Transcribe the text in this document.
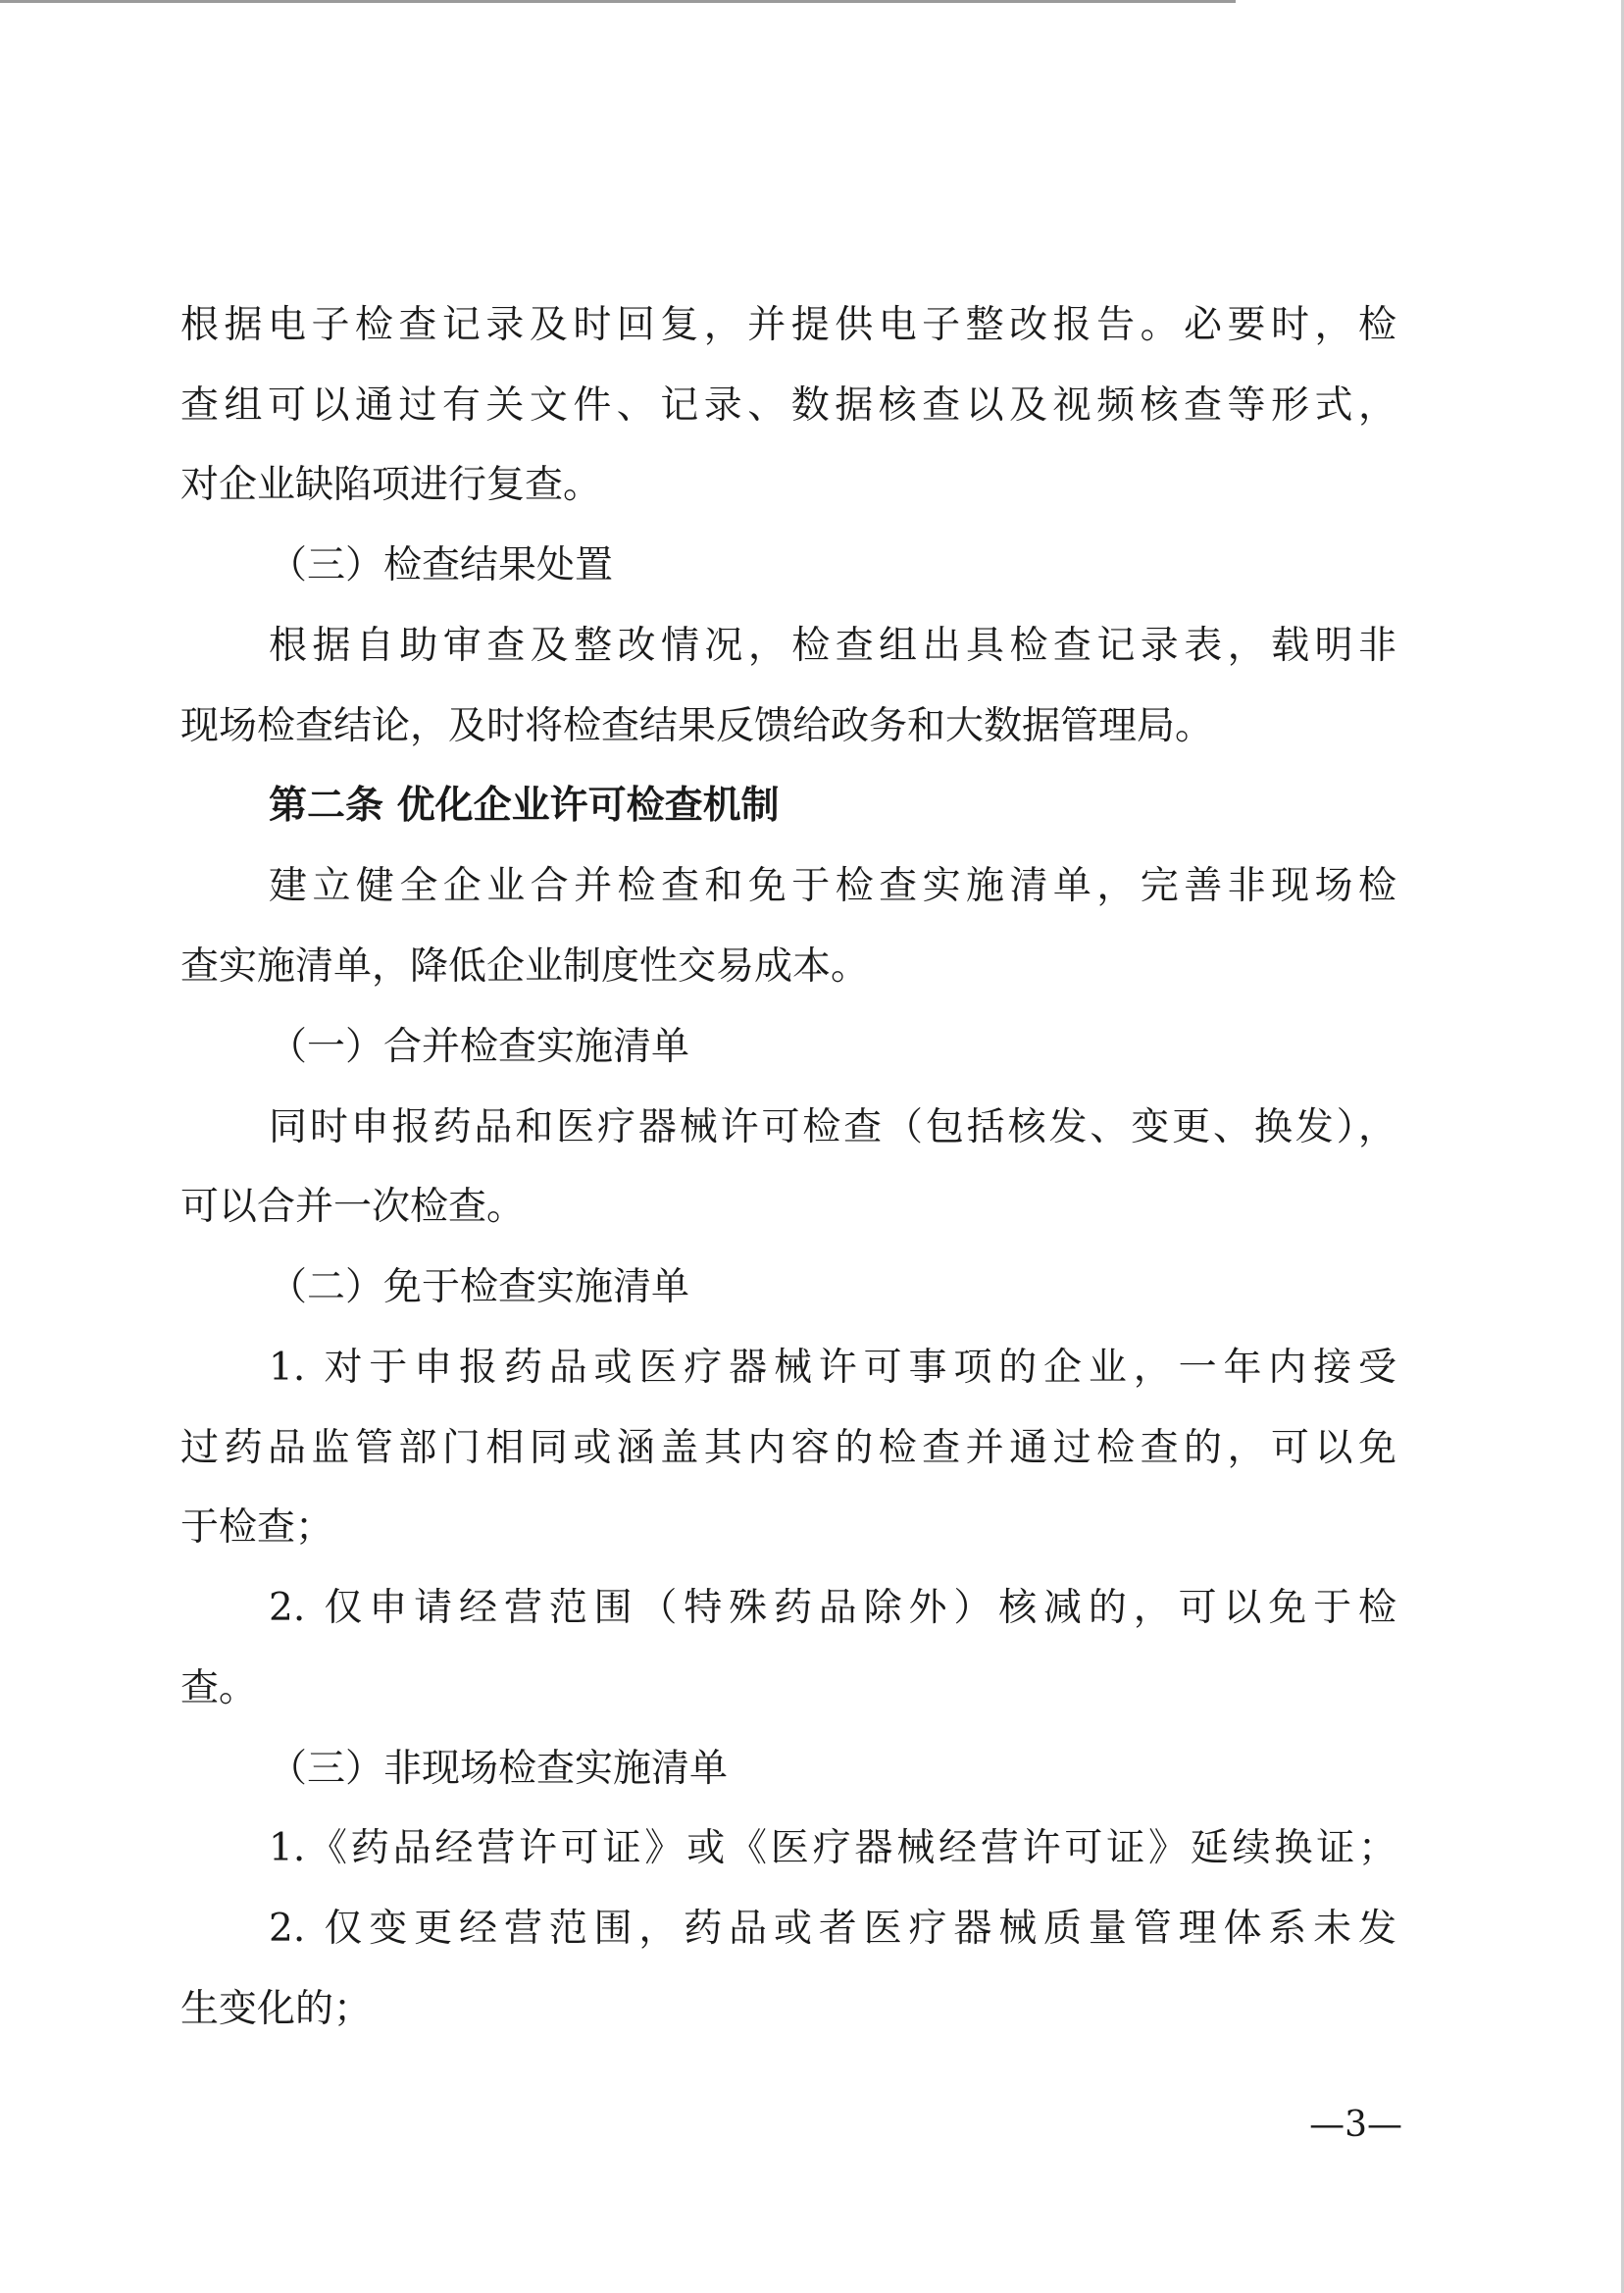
根据电子检查记录及时回复，并提供电子整改报告。必要时，检
查组可以通过有关文件、记录、数据核查以及视频核查等形式，
对企业缺陷项进行复查。
（三）检查结果处置
根据自助审查及整改情况，检查组出具检查记录表，载明非
现场检查结论，及时将检查结果反馈给政务和大数据管理局。
第二条 优化企业许可检查机制
建立健全企业合并检查和免于检查实施清单，完善非现场检
查实施清单，降低企业制度性交易成本。
（一）合并检查实施清单
同时申报药品和医疗器械许可检查（包括核发、变更、换发），
可以合并一次检查。
（二）免于检查实施清单
1. 对于申报药品或医疗器械许可事项的企业，一年内接受
过药品监管部门相同或涵盖其内容的检查并通过检查的，可以免
于检查；
2. 仅申请经营范围（特殊药品除外）核减的，可以免于检
查。
（三）非现场检查实施清单
1.《药品经营许可证》或《医疗器械经营许可证》延续换证；
2. 仅变更经营范围，药品或者医疗器械质量管理体系未发
生变化的；
—3—
